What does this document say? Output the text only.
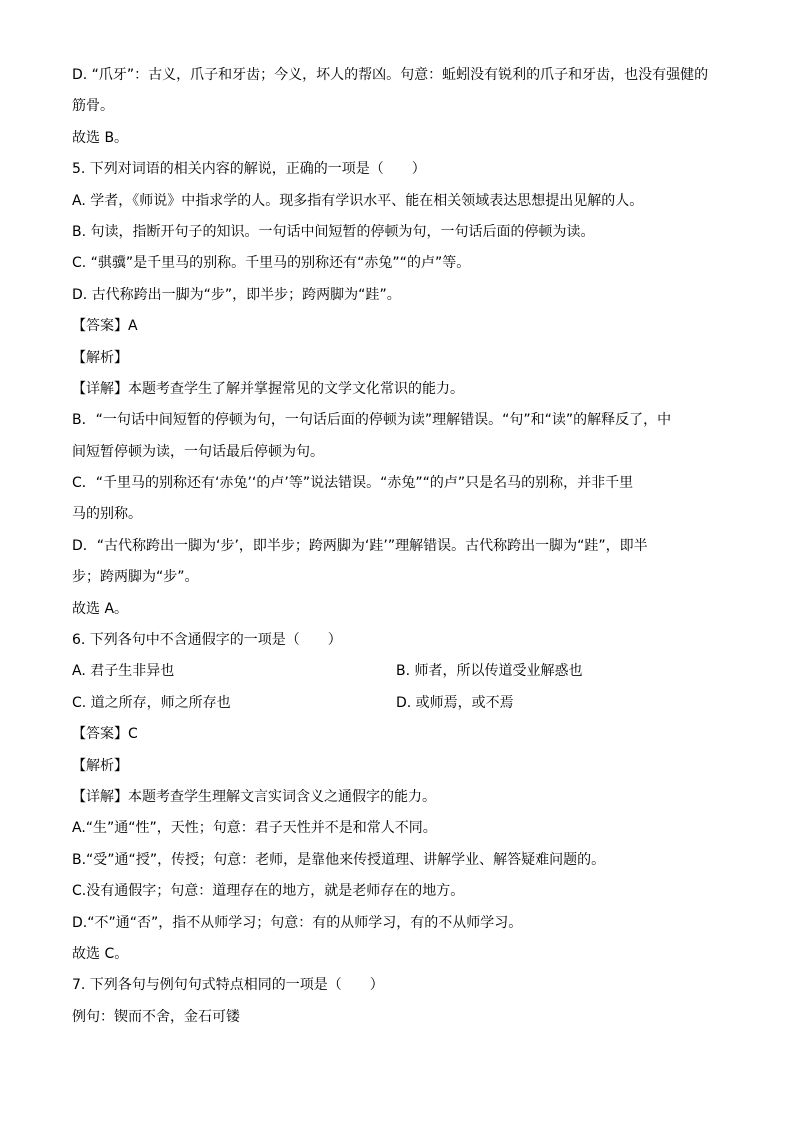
D. “爪牙”：古义，爪子和牙齿；今义，坏人的帮凶。句意：蚯蚓没有锐利的爪子和牙齿，也没有强健的
筋骨。
故选 B。
5. 下列对词语的相关内容的解说，正确的一项是（　　）
A. 学者，《师说》中指求学的人。现多指有学识水平、能在相关领域表达思想提出见解的人。
B. 句读，指断开句子的知识。一句话中间短暂的停顿为句，一句话后面的停顿为读。
C. “骐骥”是千里马的别称。千里马的别称还有“赤兔”“的卢”等。
D. 古代称跨出一脚为“步”，即半步；跨两脚为“跬”。
【答案】A
【解析】
【详解】本题考查学生了解并掌握常见的文学文化常识的能力。
B．“一句话中间短暂的停顿为句，一句话后面的停顿为读”理解错误。“句”和“读”的解释反了，中
间短暂停顿为读，一句话最后停顿为句。
C．“千里马的别称还有‘赤兔’‘的卢’等”说法错误。“赤兔”“的卢”只是名马的别称，并非千里
马的别称。
D．“古代称跨出一脚为‘步’，即半步；跨两脚为‘跬’”理解错误。古代称跨出一脚为“跬”，即半
步；跨两脚为“步”。
故选 A。
6. 下列各句中不含通假字的一项是（　　）
A. 君子生非异也	B. 师者，所以传道受业解惑也
C. 道之所存，师之所存也	D. 或师焉，或不焉
【答案】C
【解析】
【详解】本题考查学生理解文言实词含义之通假字的能力。
A.“生”通“性”，天性；句意：君子天性并不是和常人不同。
B.“受”通“授”，传授；句意：老师，是靠他来传授道理、讲解学业、解答疑难问题的。
C.没有通假字；句意：道理存在的地方，就是老师存在的地方。
D.“不”通“否”，指不从师学习；句意：有的从师学习，有的不从师学习。
故选 C。
7. 下列各句与例句句式特点相同的一项是（　　）
例句：锲而不舍，金石可镂
